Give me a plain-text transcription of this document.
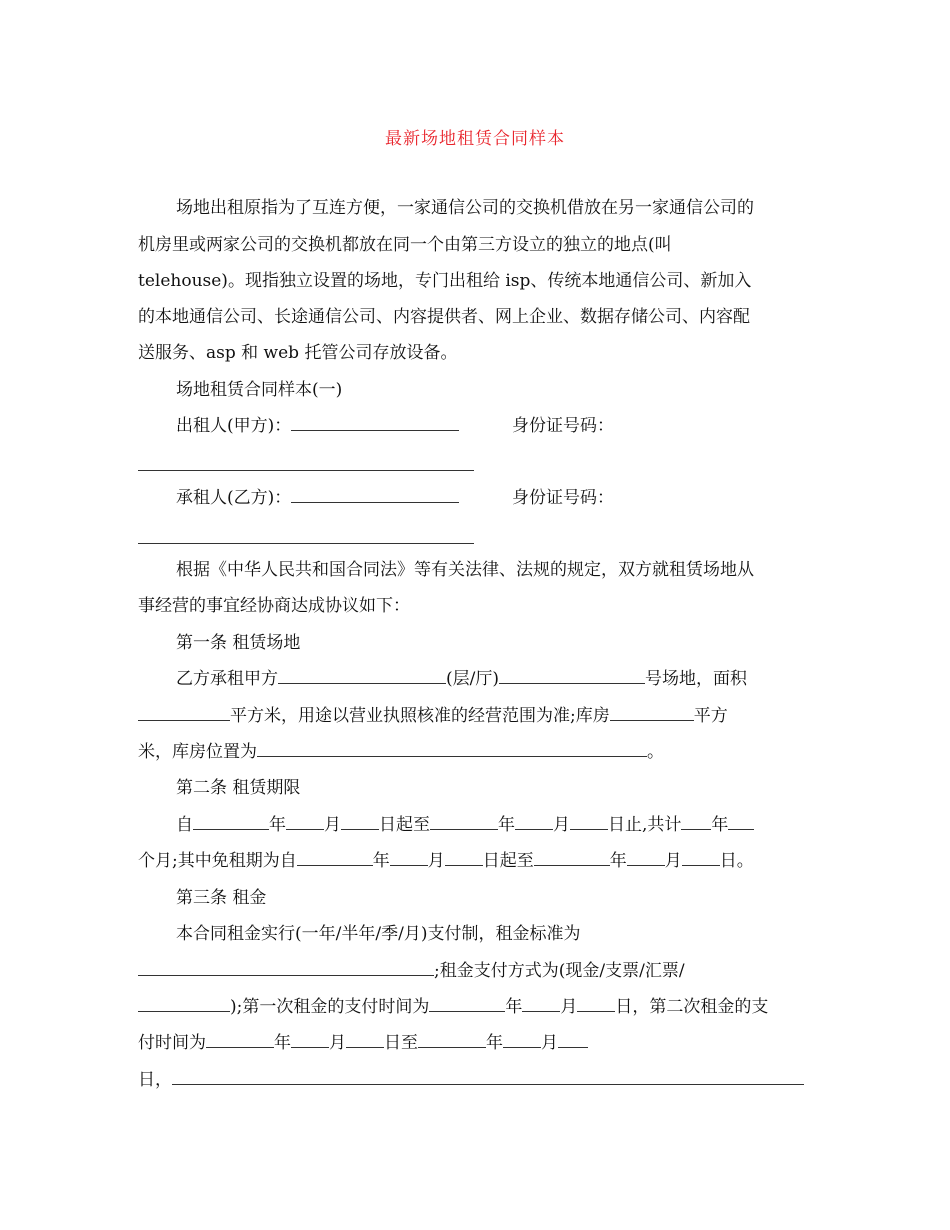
最新场地租赁合同样本
场地出租原指为了互连方便，一家通信公司的交换机借放在另一家通信公司的
机房里或两家公司的交换机都放在同一个由第三方设立的独立的地点(叫
telehouse)。现指独立设置的场地，专门出租给 isp、传统本地通信公司、新加入
的本地通信公司、长途通信公司、内容提供者、网上企业、数据存储公司、内容配
送服务、asp 和 web 托管公司存放设备。
场地租赁合同样本(一)
出租人(甲方)：	身份证号码：
承租人(乙方)：	身份证号码：
根据《中华人民共和国合同法》等有关法律、法规的规定，双方就租赁场地从
事经营的事宜经协商达成协议如下：
第一条 租赁场地
乙方承租甲方	(层/厅)	号场地，面积
平方米，用途以营业执照核准的经营范围为准;库房	平方
米，库房位置为	。
第二条 租赁期限
自	年 月 日起至	年 月 日止,共计 年
个月;其中免租期为自	年 月 日起至	年 月 日。
第三条 租金
本合同租金实行(一年/半年/季/月)支付制，租金标准为
;租金支付方式为(现金/支票/汇票/
);第一次租金的支付时间为	年 月 日，第二次租金的支
付时间为	年 月 日至	年 月
日，
